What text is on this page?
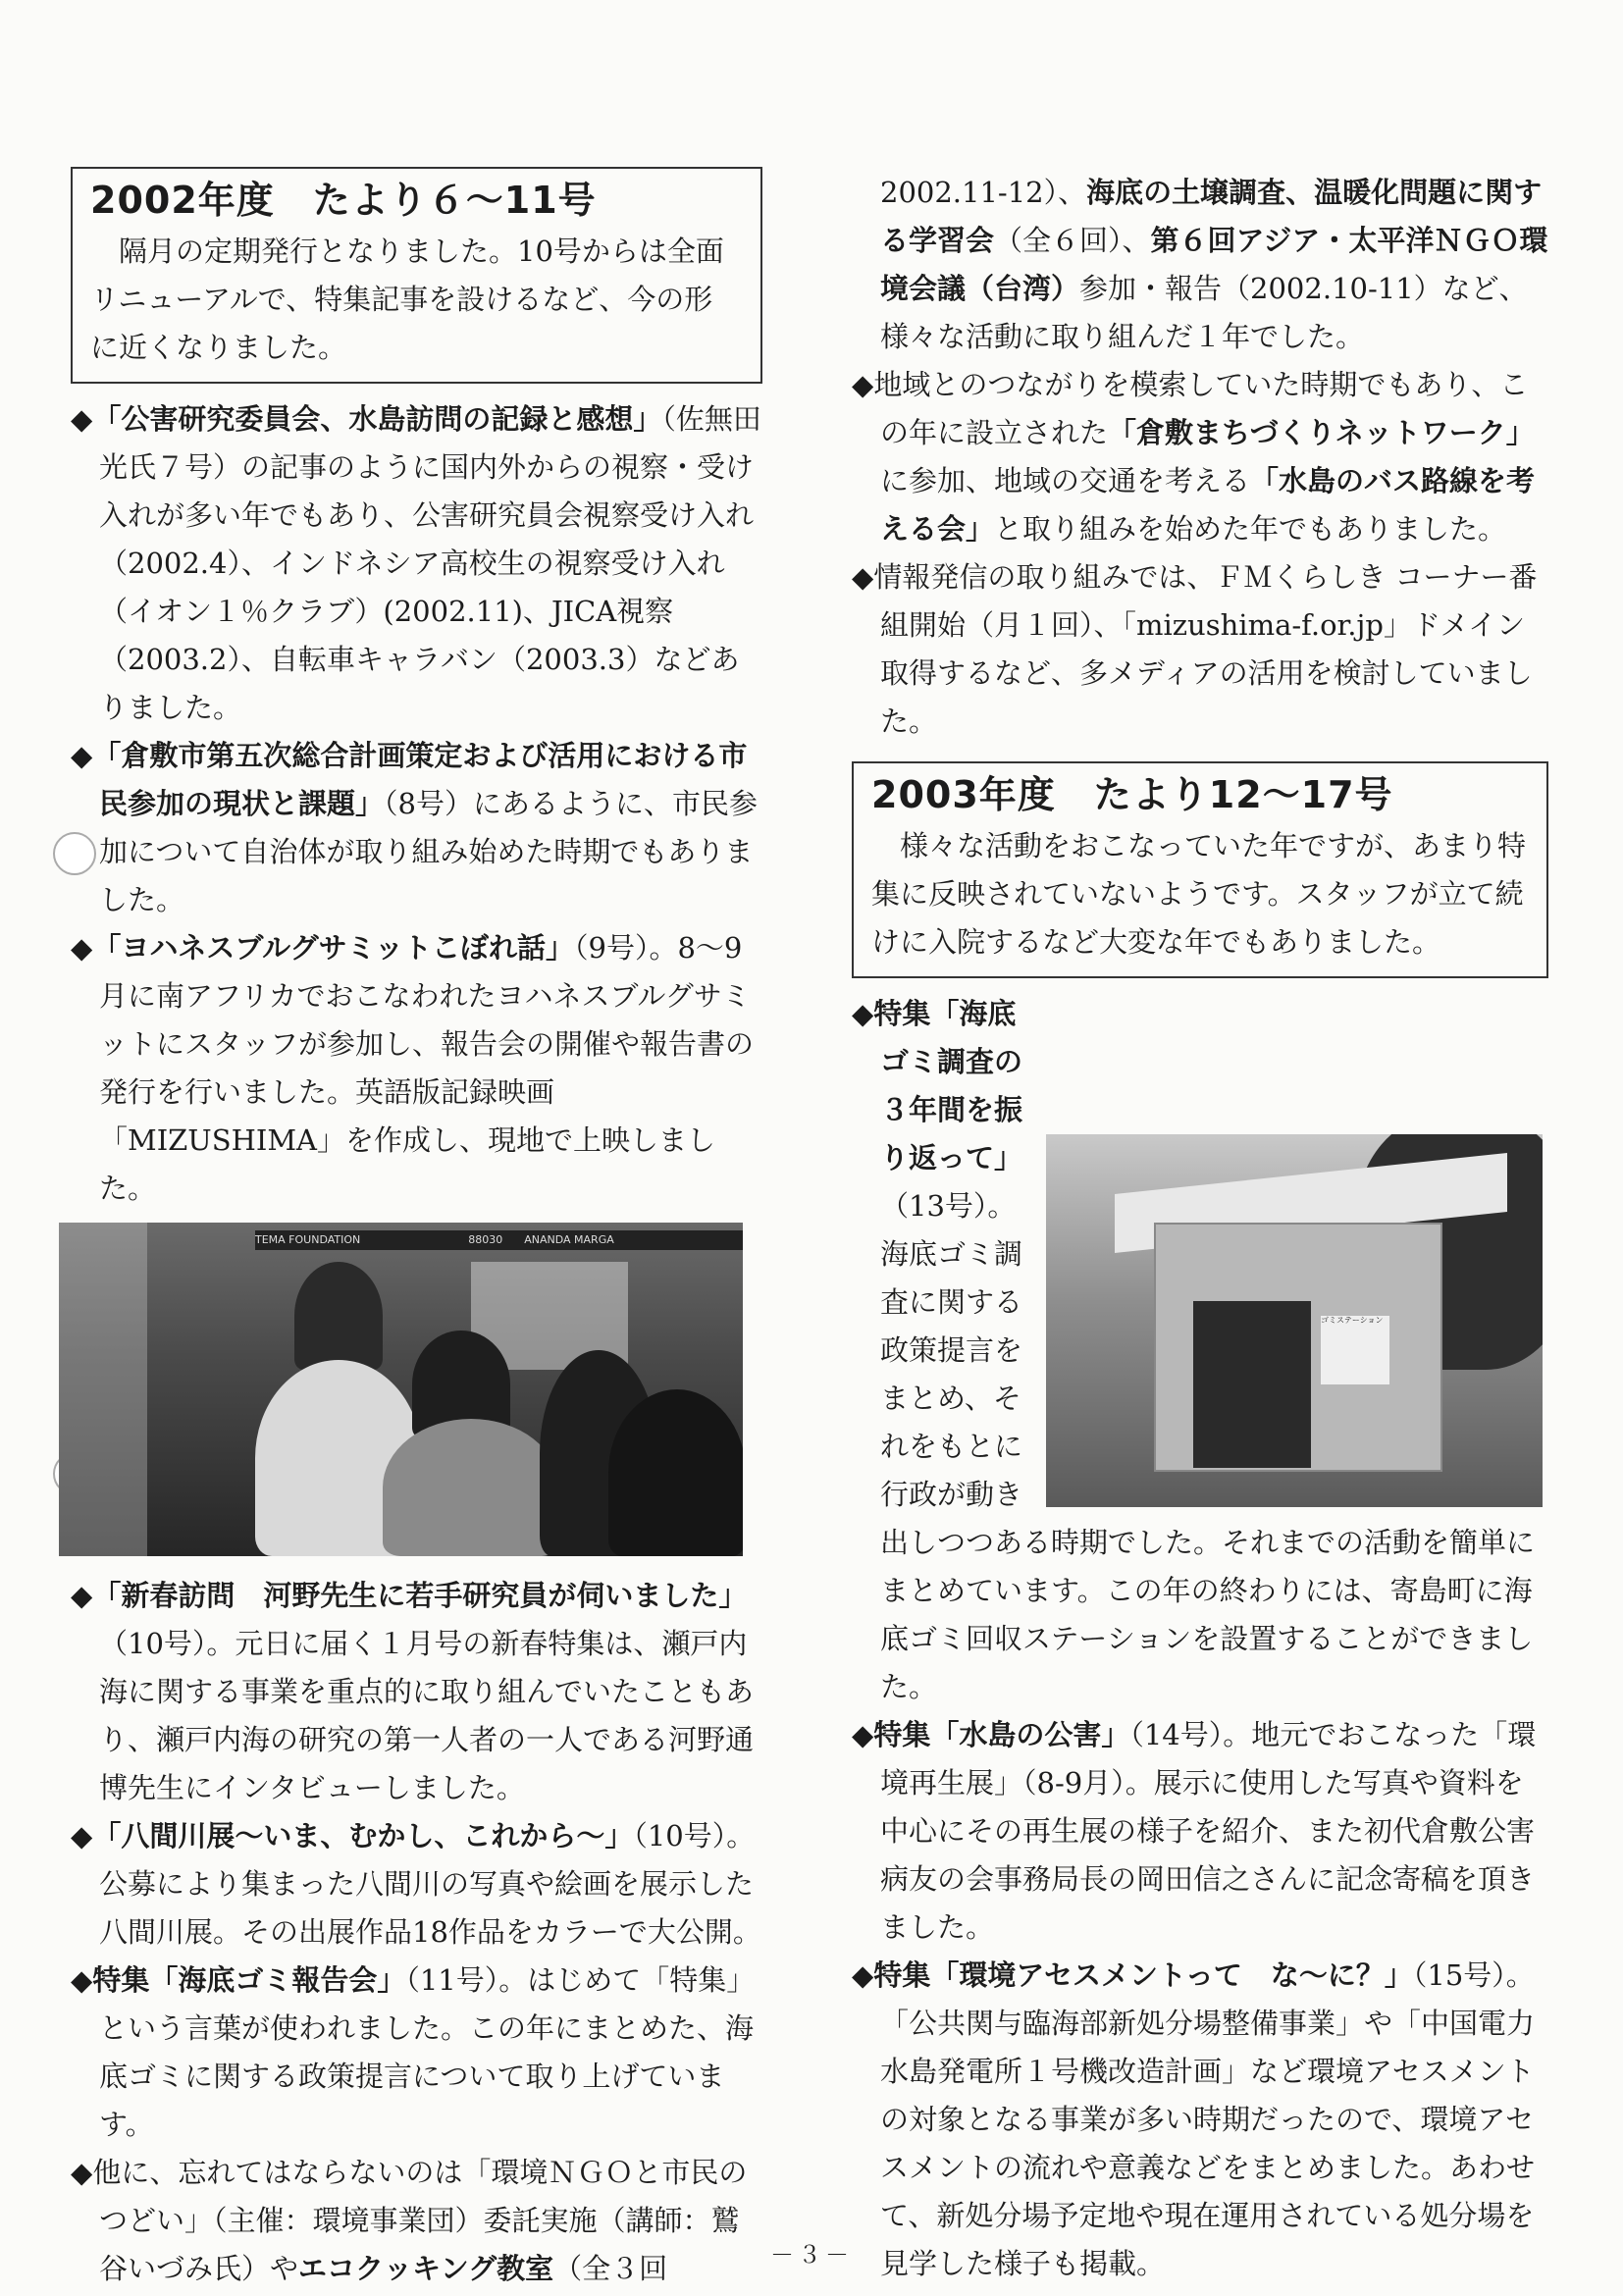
2002年度　たより６～11号

隔月の定期発行となりました。10号からは全面リニューアルで、特集記事を設けるなど、今の形に近くなりました。

◆「公害研究委員会、水島訪問の記録と感想」（佐無田 光氏７号）の記事のように国内外からの視察・受け入れが多い年でもあり、公害研究員会視察受け入れ（2002.4）、インドネシア高校生の視察受け入れ（イオン１％クラブ）(2002.11)、JICA視察（2003.2）、自転車キャラバン（2003.3）などありました。

◆「倉敷市第五次総合計画策定および活用における市民参加の現状と課題」（8号）にあるように、市民参加について自治体が取り組み始めた時期でもありました。

◆「ヨハネスブルグサミットこぼれ話」（9号）。8～9月に南アフリカでおこなわれたヨハネスブルグサミットにスタッフが参加し、報告会の開催や報告書の発行を行いました。英語版記録映画「MIZUSHIMA」を作成し、現地で上映しました。

TEMA FOUNDATION　　　　　　　　　　88030　　ANANDA MARGA

◆「新春訪問　河野先生に若手研究員が伺いました」（10号）。元日に届く１月号の新春特集は、瀬戸内海に関する事業を重点的に取り組んでいたこともあり、瀬戸内海の研究の第一人者の一人である河野通博先生にインタビューしました。

◆「八間川展～いま、むかし、これから～」（10号）。公募により集まった八間川の写真や絵画を展示した八間川展。その出展作品18作品をカラーで大公開。

◆特集「海底ゴミ報告会」（11号）。はじめて「特集」という言葉が使われました。この年にまとめた、海底ゴミに関する政策提言について取り上げています。

◆他に、忘れてはならないのは「環境ＮＧＯと市民のつどい」（主催：環境事業団）委託実施（講師：鷲谷いづみ氏）やエコクッキング教室（全３回

2002.11-12）、海底の土壌調査、温暖化問題に関する学習会（全６回）、第６回アジア・太平洋ＮＧＯ環境会議（台湾）参加・報告（2002.10-11）など、様々な活動に取り組んだ１年でした。

◆地域とのつながりを模索していた時期でもあり、この年に設立された「倉敷まちづくりネットワーク」に参加、地域の交通を考える「水島のバス路線を考える会」と取り組みを始めた年でもありました。

◆情報発信の取り組みでは、ＦＭくらしき コーナー番組開始（月１回）、「mizushima-f.or.jp」ドメイン取得するなど、多メディアの活用を検討していました。

2003年度　たより12～17号

様々な活動をおこなっていた年ですが、あまり特集に反映されていないようです。スタッフが立て続けに入院するなど大変な年でもありました。

◆特集「海底ゴミ調査の３年間を振り返って」（13号）。海底ゴミ調査に関する政策提言をまとめ、それをもとに行政が動き出しつつある時期でした。それまでの活動を簡単にまとめています。この年の終わりには、寄島町に海底ゴミ回収ステーションを設置することができました。

◆特集「水島の公害」（14号）。地元でおこなった「環境再生展」（8-9月）。展示に使用した写真や資料を中心にその再生展の様子を紹介、また初代倉敷公害病友の会事務局長の岡田信之さんに記念寄稿を頂きました。

◆特集「環境アセスメントって　な～に？」（15号）。「公共関与臨海部新処分場整備事業」や「中国電力水島発電所１号機改造計画」など環境アセスメントの対象となる事業が多い時期だったので、環境アセスメントの流れや意義などをまとめました。あわせて、新処分場予定地や現在運用されている処分場を見学した様子も掲載。

ゴミステーション
－３－
